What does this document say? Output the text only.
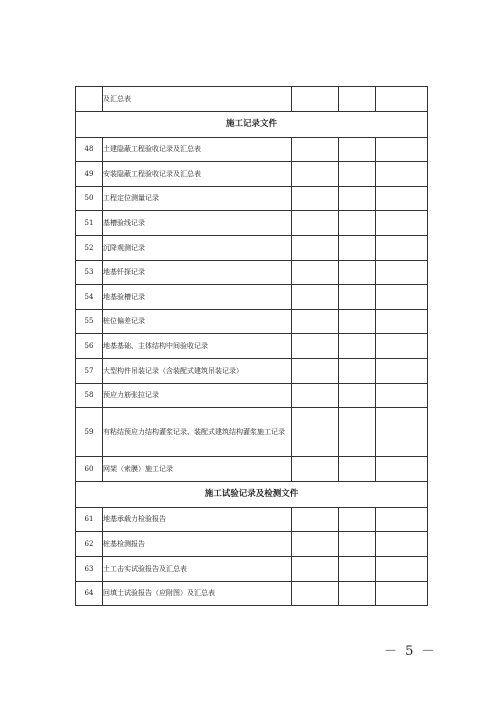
	及汇总表			
施工记录文件				
48	土建隐蔽工程验收记录及汇总表			
49	安装隐蔽工程验收记录及汇总表			
50	工程定位测量记录			
51	基槽验线记录			
52	沉降观测记录			
53	地基钎探记录			
54	地基验槽记录			
55	桩位偏差记录			
56	地基基础、主体结构中间验收记录			
57	大型构件吊装记录（含装配式建筑吊装记录）			
58	预应力筋张拉记录			
59	有粘结预应力结构灌浆记录、装配式建筑结构灌浆施工记录			
60	网架（索膜）施工记录			
施工试验记录及检测文件				
61	地基承载力检验报告			
62	桩基检测报告			
63	土工击实试验报告及汇总表			
64	回填土试验报告（应附图）及汇总表			
－ 5 －
